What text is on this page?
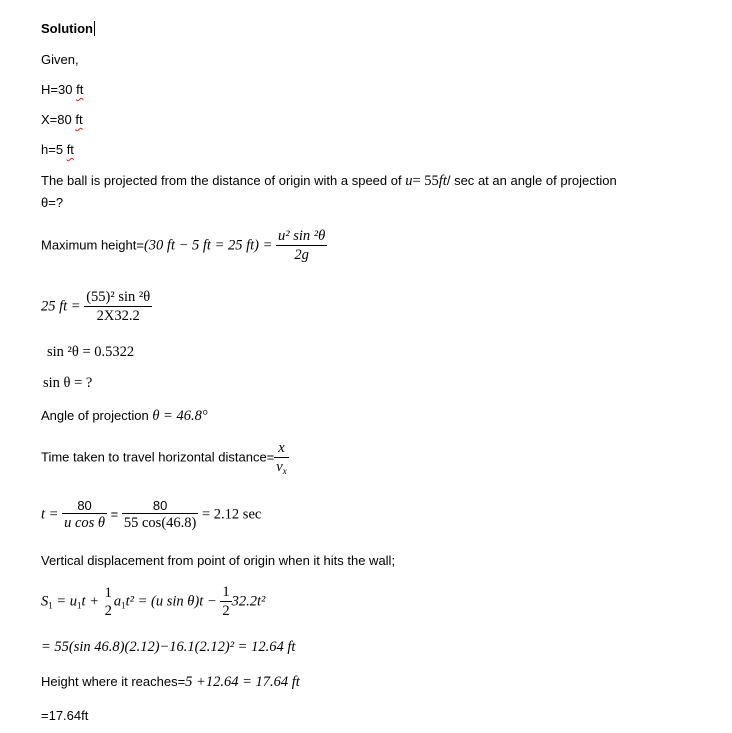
Solution
Given,
H=30 ft
X=80 ft
h=5 ft
The ball is projected from the distance of origin with a speed of u= 55ft/ sec at an angle of projection
θ=?
Maximum height=(30 ft − 5 ft = 25 $ft) = \frac{\text{u² sin ²θ}}{2g}$
25 ft = $\frac{\text{(55)² sin ²θ}}{2X32.2}$
sin ²θ = 0.5322
sin θ = ?
Angle of projection θ = 46.8°
Time taken to travel horizontal distance= $\frac{x}{v_x}$
$t = \frac{80}{\text{u cos θ}} = \frac{80}{55 \cos(46.8)} = 2.12$ sec
Vertical displacement from point of origin when it hits the wall;
$S_1 = u_1t$ +
1
2
$a_1t^2 = (u$ $\sin \theta)t - \frac{1}{2} 32.2t^2$
= 55(sin 46.8)(2.12)−16.1(2.12)² = 12.64 ft
Height where it reaches=5 +12.64 = 17.64 ft
=17.64ft
